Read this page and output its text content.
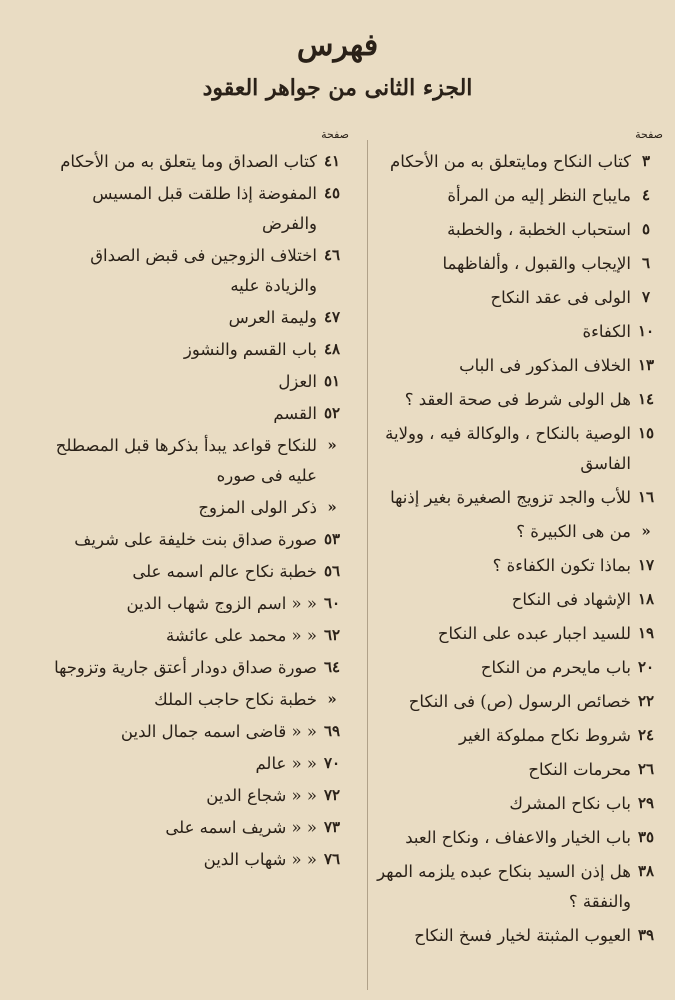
فهرس
الجزء الثانى من جواهر العقود
صفحة
٣
كتاب النكاح ومايتعلق به من الأحكام
٤
مايباح النظر إليه من المرأة
٥
استحباب الخطبة ، والخطبة
٦
الإيجاب والقبول ، وألفاظهما
٧
الولى فى عقد النكاح
١٠
الكفاءة
١٣
الخلاف المذكور فى الباب
١٤
هل الولى شرط فى صحة العقد ؟
١٥
الوصية بالنكاح ، والوكالة فيه ، وولاية الفاسق
١٦
للأب والجد تزويج الصغيرة بغير إذنها
«
من هى الكبيرة ؟
١٧
بماذا تكون الكفاءة ؟
١٨
الإشهاد فى النكاح
١٩
للسيد اجبار عبده على النكاح
٢٠
باب مايحرم من النكاح
٢٢
خصائص الرسول (ص) فى النكاح
٢٤
شروط نكاح مملوكة الغير
٢٦
محرمات النكاح
٢٩
باب نكاح المشرك
٣٥
باب الخيار والاعفاف ، ونكاح العبد
٣٨
هل إذن السيد بنكاح عبده يلزمه المهر والنفقة ؟
٣٩
العيوب المثبتة لخيار فسخ النكاح
صفحة
٤١
كتاب الصداق وما يتعلق به من الأحكام
٤٥
المفوضة إذا طلقت قبل المسيس والفرض
٤٦
اختلاف الزوجين فى قبض الصداق والزيادة عليه
٤٧
وليمة العرس
٤٨
باب القسم والنشوز
٥١
العزل
٥٢
القسم
«
للنكاح قواعد يبدأ بذكرها قبل المصطلح عليه فى صوره
«
ذكر الولى المزوج
٥٣
صورة صداق بنت خليفة على شريف
٥٦
خطبة نكاح عالم اسمه على
٦٠
« « اسم الزوج شهاب الدين
٦٢
« « محمد على عائشة
٦٤
صورة صداق دودار أعتق جارية وتزوجها
«
خطبة نكاح حاجب الملك
٦٩
« « قاضى اسمه جمال الدين
٧٠
« « عالم
٧٢
« « شجاع الدين
٧٣
« « شريف اسمه على
٧٦
« « شهاب الدين
